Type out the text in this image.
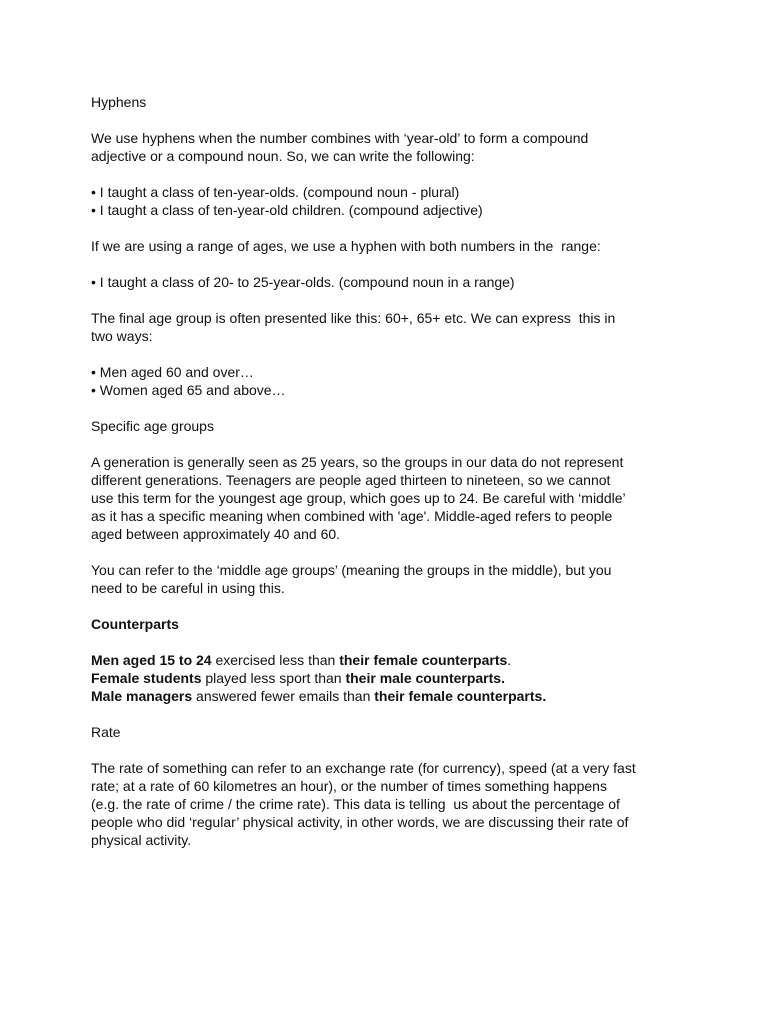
Hyphens

We use hyphens when the number combines with ‘year-old’ to form a compound
adjective or a compound noun. So, we can write the following:

• I taught a class of ten-year-olds. (compound noun - plural)
• I taught a class of ten-year-old children. (compound adjective)

If we are using a range of ages, we use a hyphen with both numbers in the  range:

• I taught a class of 20- to 25-year-olds. (compound noun in a range)

The final age group is often presented like this: 60+, 65+ etc. We can express  this in
two ways:

• Men aged 60 and over…
• Women aged 65 and above…

Specific age groups

A generation is generally seen as 25 years, so the groups in our data do not represent
different generations. Teenagers are people aged thirteen to nineteen, so we cannot
use this term for the youngest age group, which goes up to 24. Be careful with ‘middle’
as it has a specific meaning when combined with 'age'. Middle-aged refers to people
aged between approximately 40 and 60.

You can refer to the ‘middle age groups’ (meaning the groups in the middle), but you
need to be careful in using this.

Counterparts

Men aged 15 to 24 exercised less than their female counterparts.
Female students played less sport than their male counterparts.
Male managers answered fewer emails than their female counterparts.

Rate

The rate of something can refer to an exchange rate (for currency), speed (at a very fast
rate; at a rate of 60 kilometres an hour), or the number of times something happens
(e.g. the rate of crime / the crime rate). This data is telling  us about the percentage of
people who did ‘regular’ physical activity, in other words, we are discussing their rate of
physical activity.
